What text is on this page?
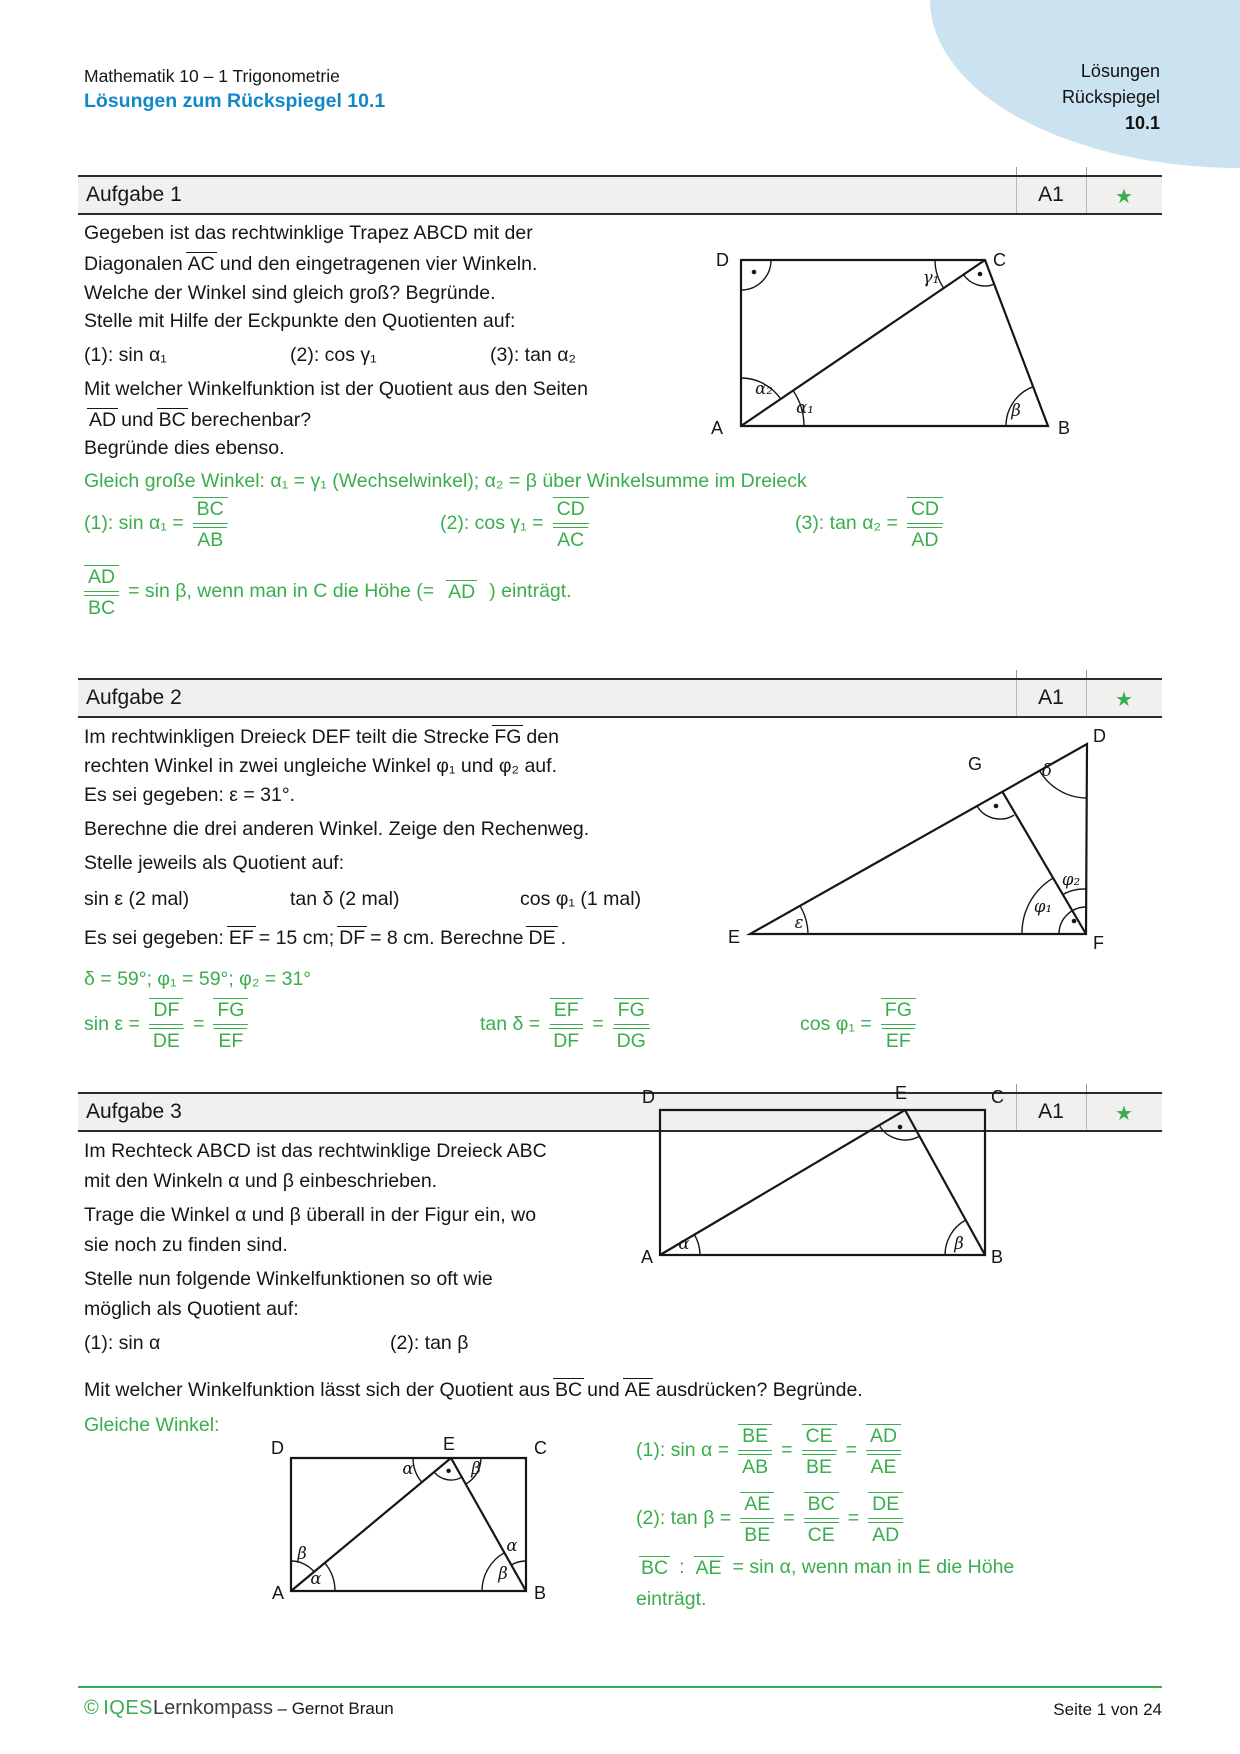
Lösungen
Rückspiegel
10.1
Mathematik 10 – 1 Trigonometrie
Lösungen zum Rückspiegel 10.1
Aufgabe 1	A1	★
Gegeben ist das rechtwinklige Trapez ABCD mit der
Diagonalen AC und den eingetragenen vier Winkeln.
Welche der Winkel sind gleich groß? Begründe.
Stelle mit Hilfe der Eckpunkte den Quotienten auf:
(1): sin α₁	(2): cos γ₁	(3): tan α₂
Mit welcher Winkelfunktion ist der Quotient aus den Seiten
AD und BC berechenbar?
Begründe dies ebenso.
D	C
A	B
γ₁
α₂
α₁	β
Gleich große Winkel: α₁ = γ₁ (Wechselwinkel); α₂ = β über Winkelsumme im Dreieck
(1): $\sin \alpha_1 = \frac{BC}{AB}$	(2): $\cos \gamma_1 = \frac{CD}{AC}$	(3): $\tan \alpha_2 = \frac{CD}{AD}$
$\frac{AD}{BC} = \sin \beta$, wenn man in C die Höhe (= AD ) einträgt.
Aufgabe 2	A1	★
Im rechtwinkligen Dreieck DEF teilt die Strecke FG den
rechten Winkel in zwei ungleiche Winkel φ₁ und φ₂ auf.
Es sei gegeben: ε = 31°.
Berechne die drei anderen Winkel. Zeige den Rechenweg.
Stelle jeweils als Quotient auf:
sin ε (2 mal)	tan δ (2 mal)	cos φ₁ (1 mal)
Es sei gegeben: EF = 15 cm; DF = 8 cm. Berechne DE .	E	F
D
G	δ
ε
φ₁
φ₂
δ = 59°; φ₁ = 59°; φ₂ = 31°
$\sin \varepsilon = \frac{DF}{DE} = \frac{FG}{EF}$	$\tan \delta = \frac{EF}{DF} = \frac{FG}{DG}$	$\cos \varphi_1 = \frac{FG}{EF}$
Aufgabe 3	A1	★
Im Rechteck ABCD ist das rechtwinklige Dreieck ABC
mit den Winkeln α und β einbeschrieben.
Trage die Winkel α und β überall in der Figur ein, wo
sie noch zu finden sind.
Stelle nun folgende Winkelfunktionen so oft wie
möglich als Quotient auf:
(1): sin α	(2): tan β
Mit welcher Winkelfunktion lässt sich der Quotient aus BC und AE ausdrücken? Begründe.
Gleiche Winkel:
D	C
E
A	B
α	β
D	E	C
A	B
α	β
β
α
α
β
(1): $\sin \alpha = \frac{BE}{AB} = \frac{CE}{BE} = \frac{AD}{AE}$
(2): $\tan \beta = \frac{AE}{BE} = \frac{BC}{CE} = \frac{DE}{AD}$
BC : AE = sin α, wenn man in E die Höhe
einträgt.
© IQESLernkompass – Gernot Braun	Seite 1 von 24
